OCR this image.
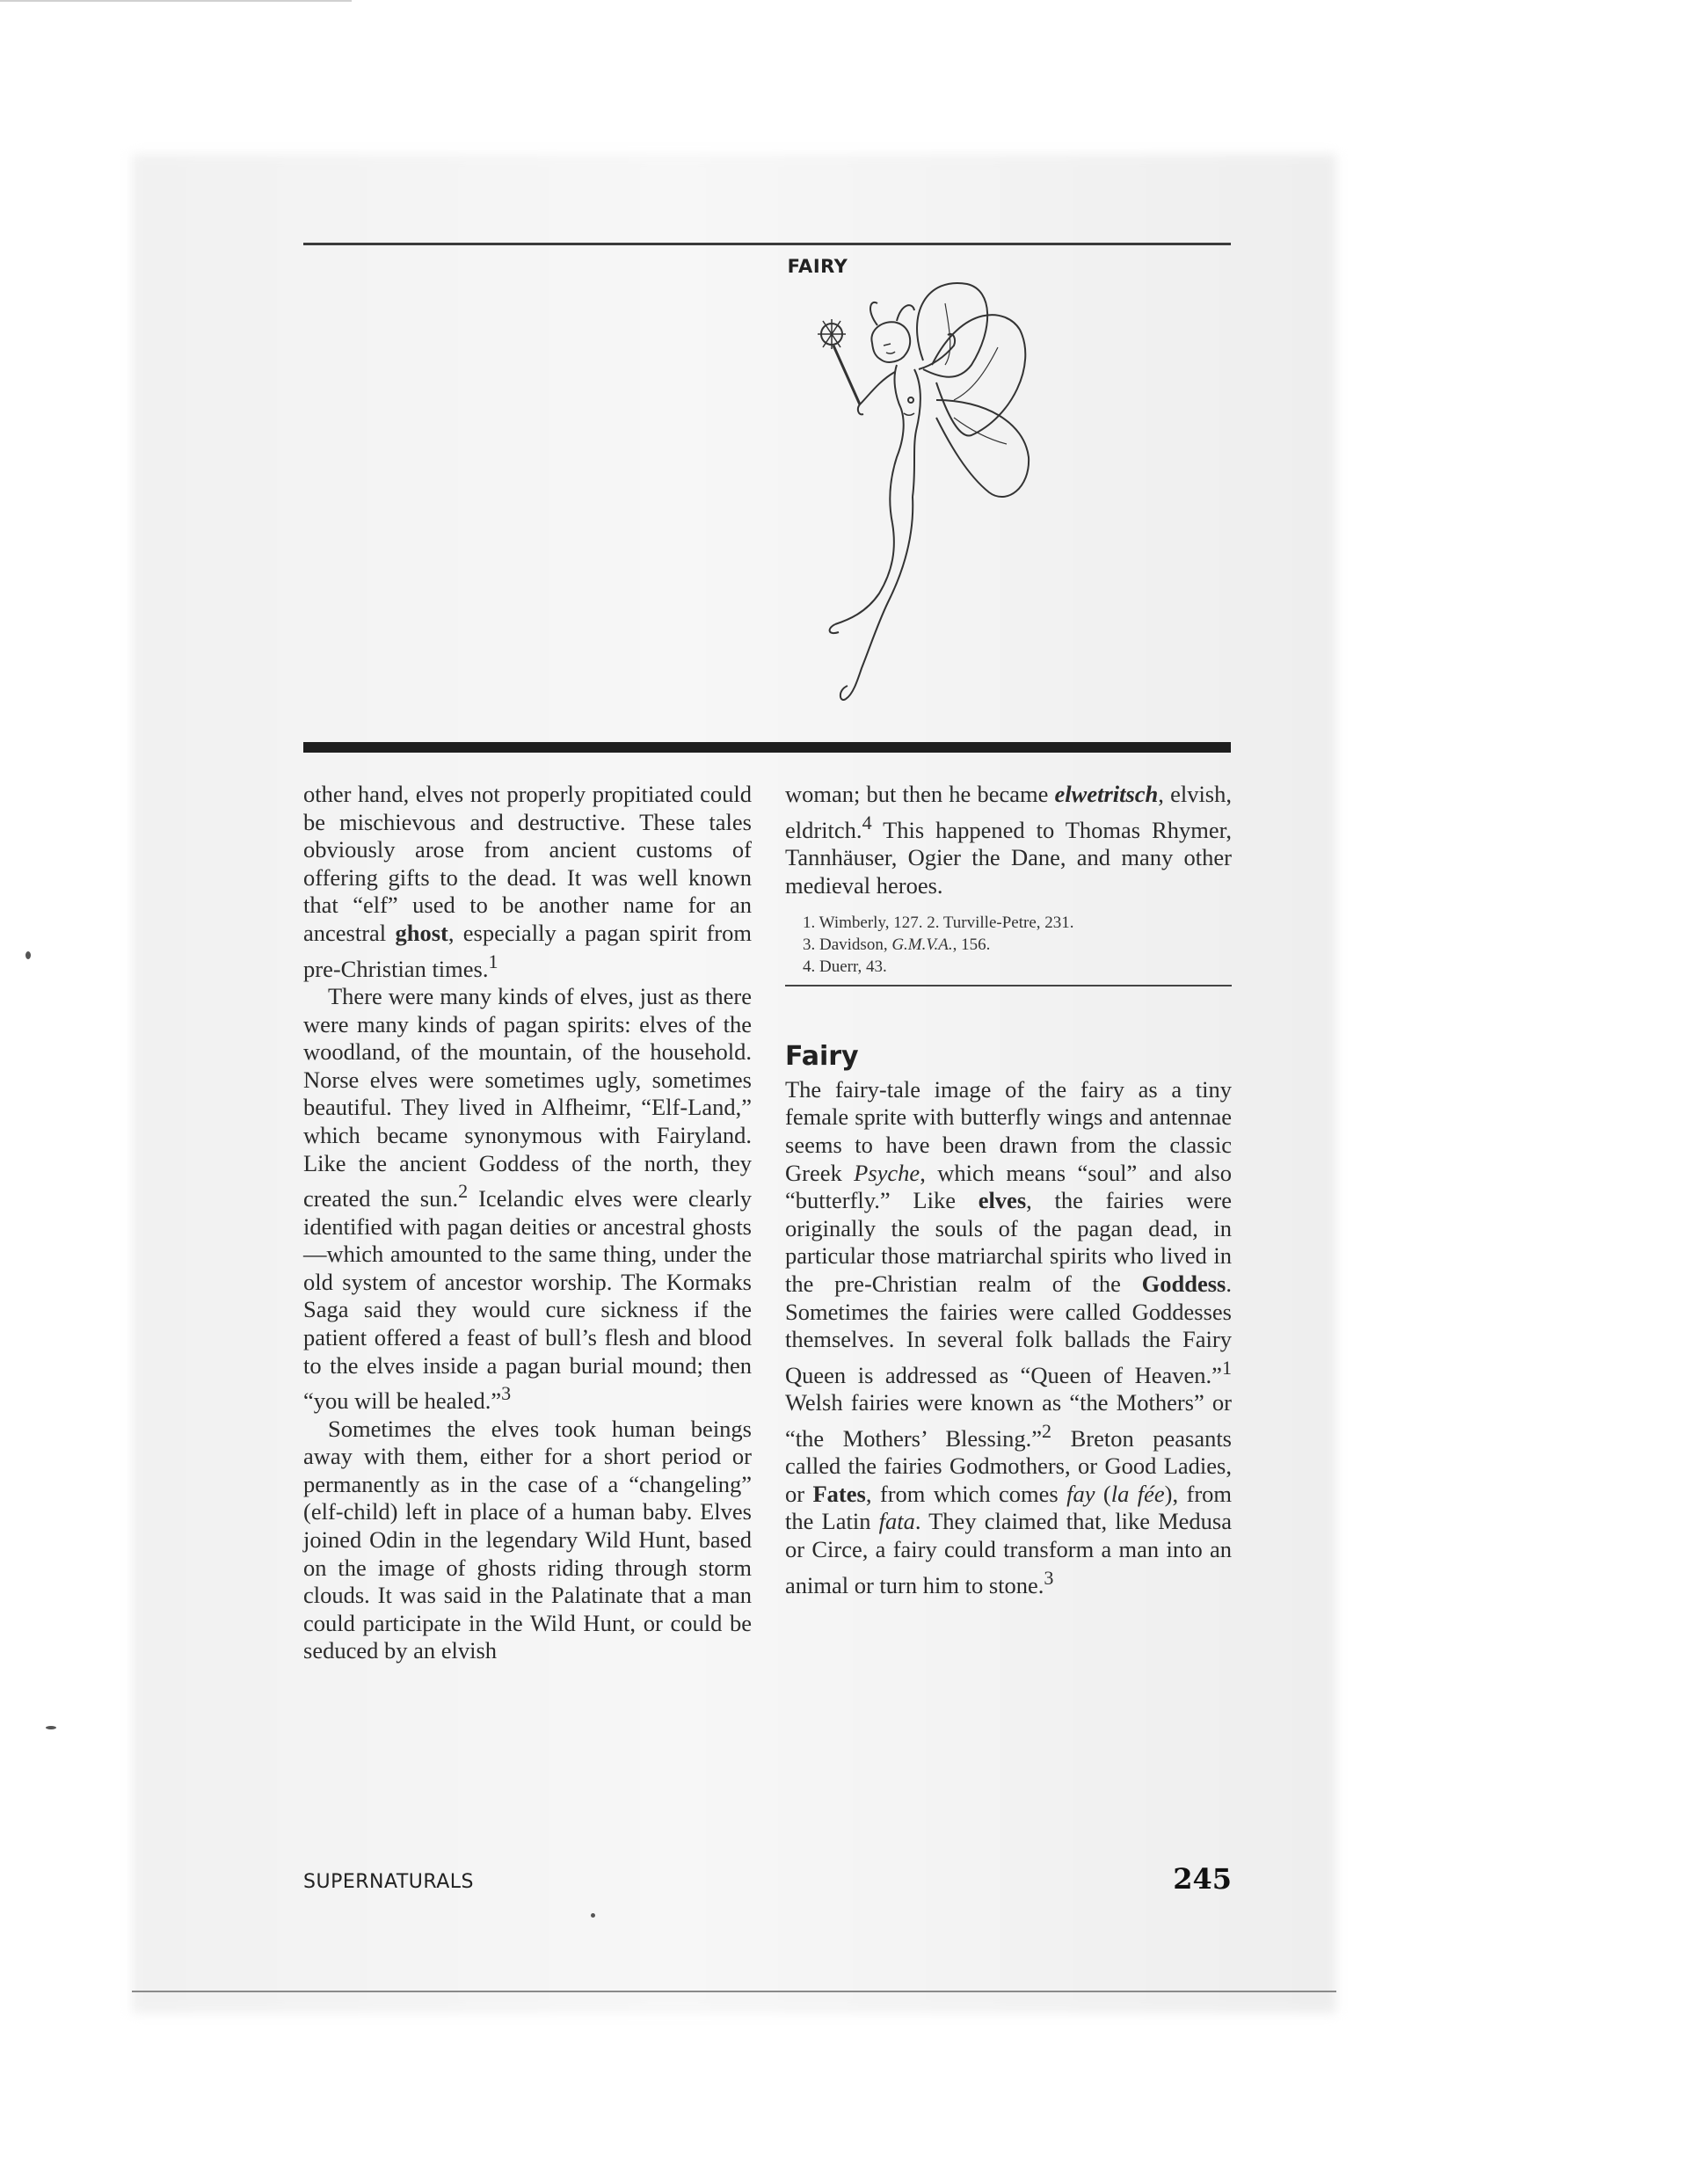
FAIRY

other hand, elves not properly propitiated could be mischievous and destructive. These tales obviously arose from ancient customs of offering gifts to the dead. It was well known that “elf” used to be another name for an ancestral ghost, especially a pagan spirit from pre-Christian times.$^1$

There were many kinds of elves, just as there were many kinds of pagan spirits: elves of the woodland, of the mountain, of the household. Norse elves were sometimes ugly, sometimes beautiful. They lived in Alfheimr, “Elf-Land,” which became synonymous with Fairyland. Like the ancient Goddess of the north, they created the sun.$^2$ Icelandic elves were clearly identified with pagan deities or ancestral ghosts—which amounted to the same thing, under the old system of ancestor worship. The Kormaks Saga said they would cure sickness if the patient offered a feast of bull’s flesh and blood to the elves inside a pagan burial mound; then “you will be healed.”$^3$

Sometimes the elves took human beings away with them, either for a short period or permanently as in the case of a “changeling” (elf-child) left in place of a human baby. Elves joined Odin in the legendary Wild Hunt, based on the image of ghosts riding through storm clouds. It was said in the Palatinate that a man could participate in the Wild Hunt, or could be seduced by an elvish

woman; but then he became elwetritsch, elvish, eldritch.$^4$ This happened to Thomas Rhymer, Tannhäuser, Ogier the Dane, and many other medieval heroes.

1. Wimberly, 127. 2. Turville-Petre, 231.
3. Davidson, G.M.V.A., 156.
4. Duerr, 43.
Fairy

The fairy-tale image of the fairy as a tiny female sprite with butterfly wings and antennae seems to have been drawn from the classic Greek Psyche, which means “soul” and also “butterfly.” Like elves, the fairies were originally the souls of the pagan dead, in particular those matriarchal spirits who lived in the pre-Christian realm of the Goddess. Sometimes the fairies were called Goddesses themselves. In several folk ballads the Fairy Queen is addressed as “Queen of Heaven.”$^1$ Welsh fairies were known as “the Mothers” or “the Mothers’ Blessing.”$^2$ Breton peasants called the fairies Godmothers, or Good Ladies, or Fates, from which comes fay (la fée), from the Latin fata. They claimed that, like Medusa or Circe, a fairy could transform a man into an animal or turn him to stone.$^3$

SUPERNATURALS	245
